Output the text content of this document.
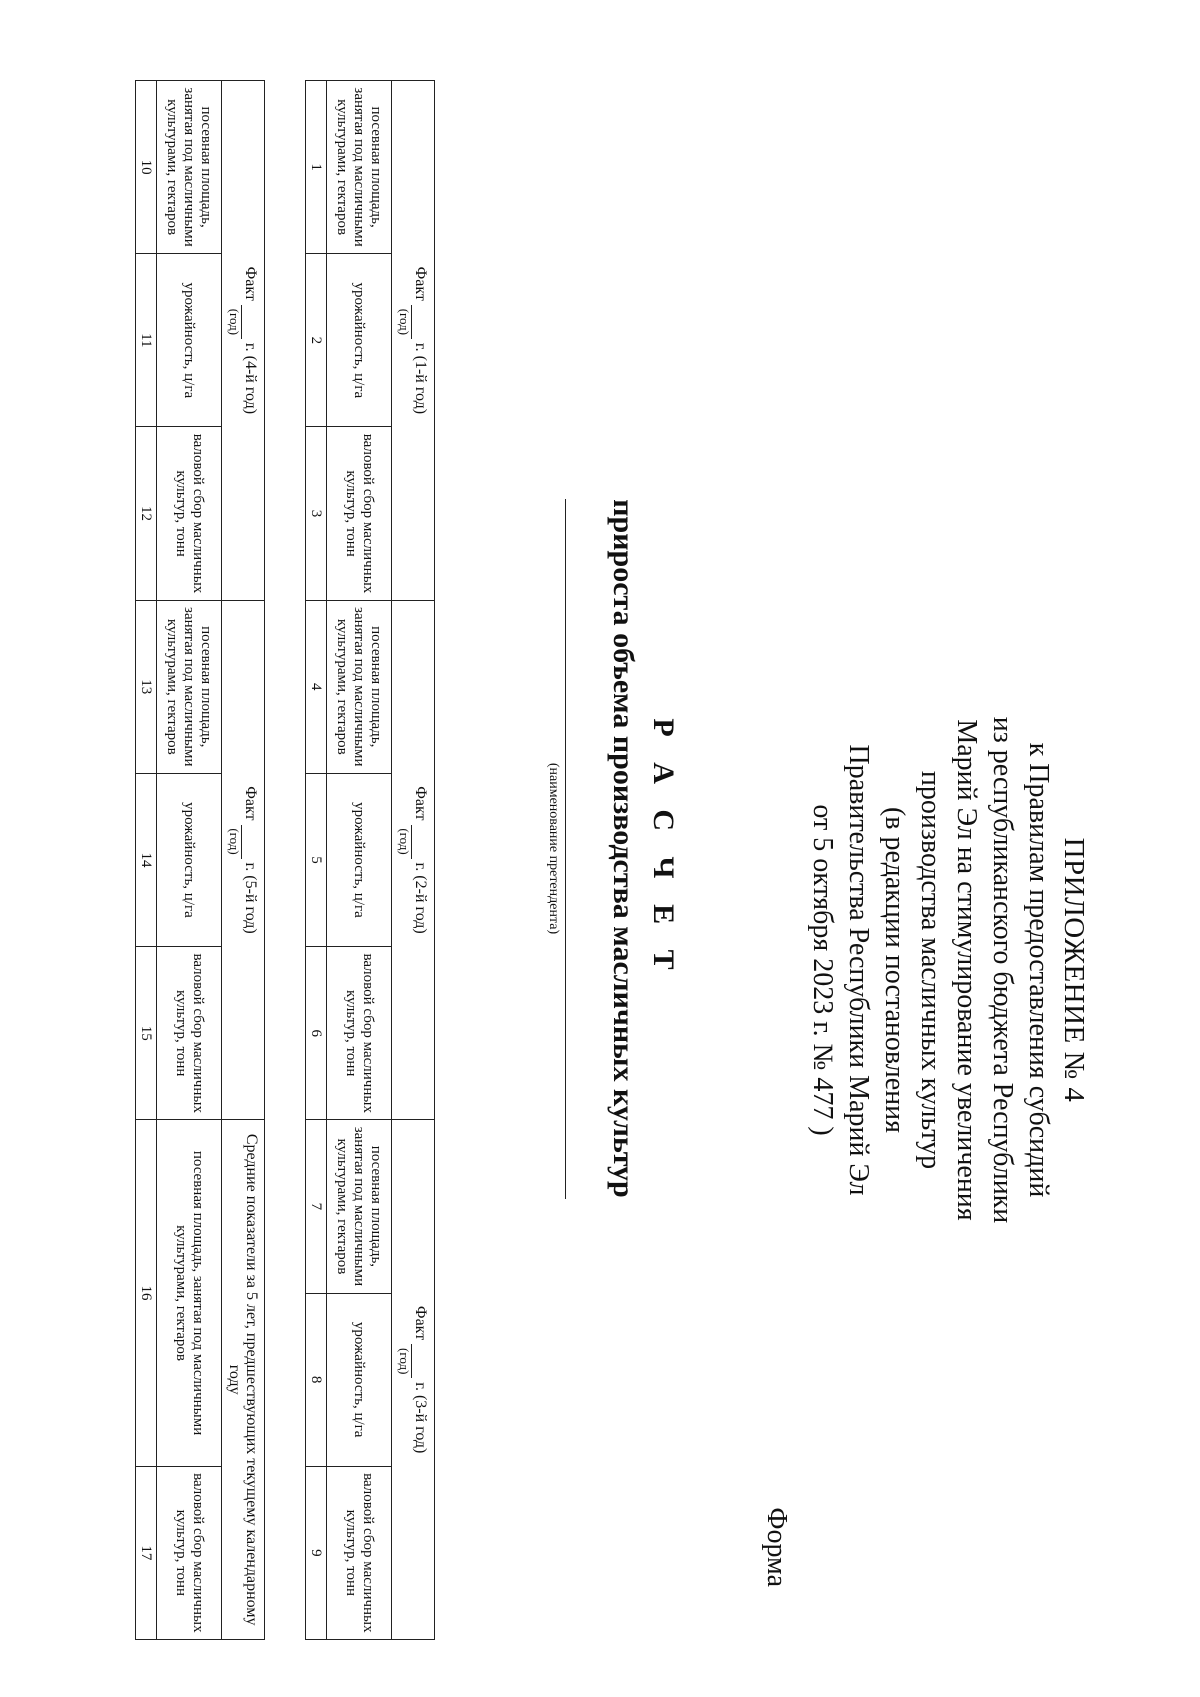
ПРИЛОЖЕНИЕ № 4
к Правилам предоставления субсидий
из республиканского бюджета Республики
Марий Эл на стимулирование увеличения
производства масличных культур
(в редакции постановления
Правительства Республики Марий Эл
от 5 октября 2023 г. № 477 )
Форма
Р А С Ч Е Т
прироста объема производства масличных культур
(наименование претендента)
Факт
(год)
г. (1-й год)			Факт
(год)
г. (2-й год)			Факт
(год)
г. (3-й год)		

посевная площадь, занятая под масличными культурами, гектаров	урожайность, ц/га	валовой сбор масличных культур, тонн	посевная площадь, занятая под масличными культурами, гектаров	урожайность, ц/га	валовой сбор масличных культур, тонн	посевная площадь, занятая под масличными культурами, гектаров	урожайность, ц/га	валовой сбор масличных культур, тонн
1	2	3	4	5	6	7	8	9
Факт
(год)
г. (4-й год)			Факт
(год)
г. (5-й год)			Средние показатели за 5 лет, предшествующих текущему календарному году	
посевная площадь, занятая под масличными культурами, гектаров	урожайность, ц/га	валовой сбор масличных культур, тонн	посевная площадь, занятая под масличными культурами, гектаров	урожайность, ц/га	валовой сбор масличных культур, тонн	посевная площадь, занятая под масличными культурами, гектаров	валовой сбор масличных культур, тонн
10	11	12	13	14	15	16	17
